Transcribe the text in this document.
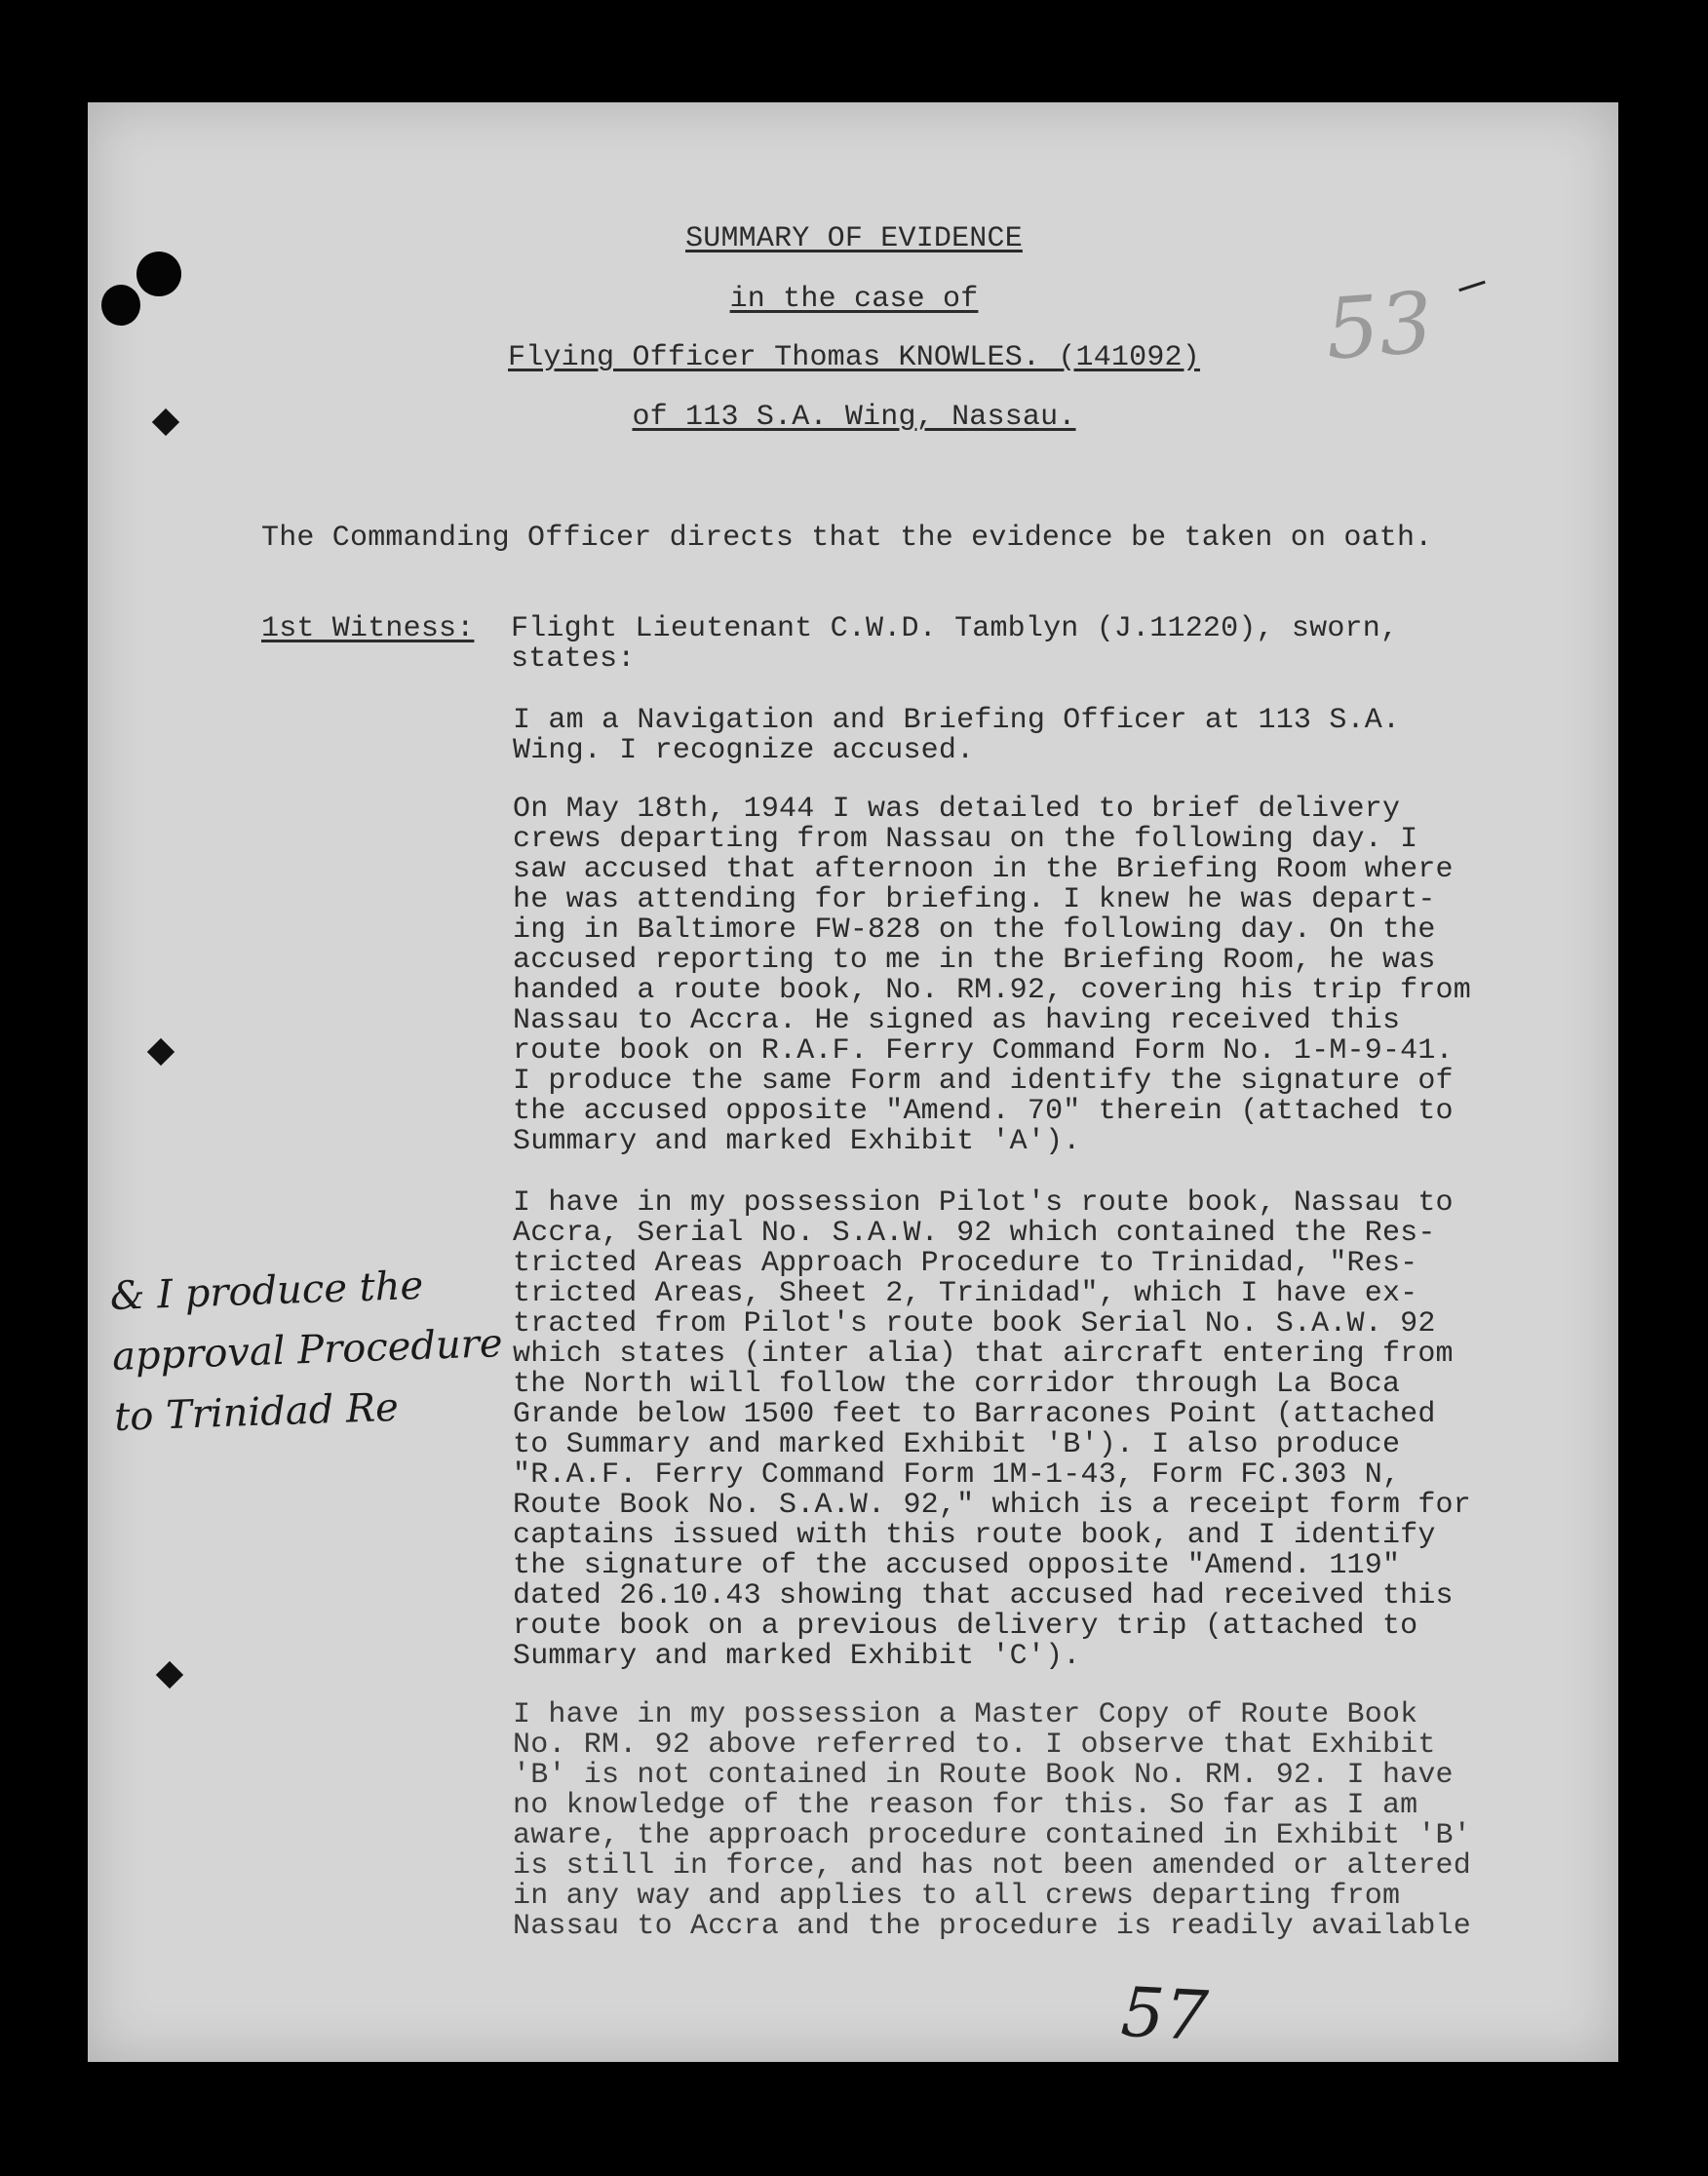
SUMMARY OF EVIDENCE
in the case of
Flying Officer Thomas KNOWLES. (141092)
of 113 S.A. Wing, Nassau.
The Commanding Officer directs that the evidence be taken on oath.
1st Witness: Flight Lieutenant C.W.D. Tamblyn (J.11220), sworn, states:
I am a Navigation and Briefing Officer at 113 S.A.
Wing. I recognize accused.
On May 18th, 1944 I was detailed to brief delivery
crews departing from Nassau on the following day. I
saw accused that afternoon in the Briefing Room where
he was attending for briefing. I knew he was depart-
ing in Baltimore FW-828 on the following day. On the
accused reporting to me in the Briefing Room, he was
handed a route book, No. RM.92, covering his trip from
Nassau to Accra. He signed as having received this
route book on R.A.F. Ferry Command Form No. 1-M-9-41.
I produce the same Form and identify the signature of
the accused opposite "Amend. 70" therein (attached to
Summary and marked Exhibit 'A').
I have in my possession Pilot's route book, Nassau to
Accra, Serial No. S.A.W. 92 which contained the Res-
tricted Areas Approach Procedure to Trinidad, "Res-
tricted Areas, Sheet 2, Trinidad", which I have ex-
tracted from Pilot's route book Serial No. S.A.W. 92
which states (inter alia) that aircraft entering from
the North will follow the corridor through La Boca
Grande below 1500 feet to Barracones Point (attached
to Summary and marked Exhibit 'B'). I also produce
"R.A.F. Ferry Command Form 1M-1-43, Form FC.303 N,
Route Book No. S.A.W. 92," which is a receipt form for
captains issued with this route book, and I identify
the signature of the accused opposite "Amend. 119"
dated 26.10.43 showing that accused had received this
route book on a previous delivery trip (attached to
Summary and marked Exhibit 'C').
I have in my possession a Master Copy of Route Book
No. RM. 92 above referred to. I observe that Exhibit
'B' is not contained in Route Book No. RM. 92. I have
no knowledge of the reason for this. So far as I am
aware, the approach procedure contained in Exhibit 'B'
is still in force, and has not been amended or altered
in any way and applies to all crews departing from
Nassau to Accra and the procedure is readily available
& I produce the
approval Procedure
to Trinidad Re
53
57
